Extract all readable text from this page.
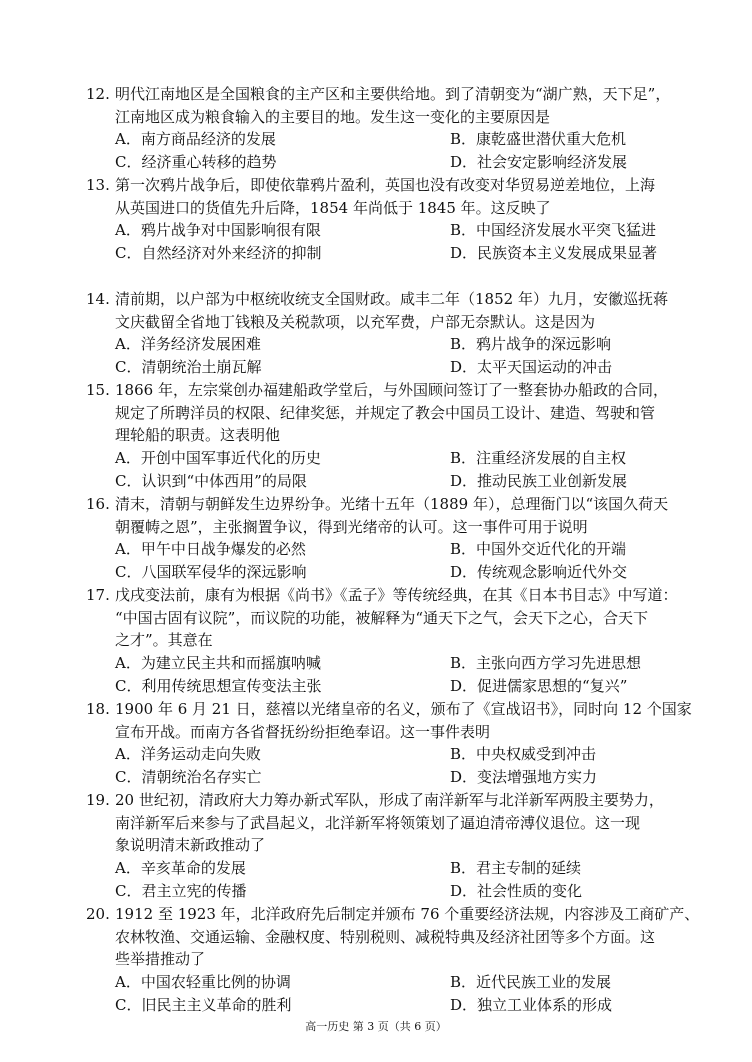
12. 明代江南地区是全国粮食的主产区和主要供给地。到了清朝变为“湖广熟，天下足”，
江南地区成为粮食输入的主要目的地。发生这一变化的主要原因是
A．南方商品经济的发展	B．康乾盛世潜伏重大危机
C．经济重心转移的趋势	D．社会安定影响经济发展
13. 第一次鸦片战争后，即使依靠鸦片盈利，英国也没有改变对华贸易逆差地位，上海
从英国进口的货值先升后降，1854 年尚低于 1845 年。这反映了
A．鸦片战争对中国影响很有限	B．中国经济发展水平突飞猛进
C．自然经济对外来经济的抑制	D．民族资本主义发展成果显著
14. 清前期，以户部为中枢统收统支全国财政。咸丰二年（1852 年）九月，安徽巡抚蒋
文庆截留全省地丁钱粮及关税款项，以充军费，户部无奈默认。这是因为
A．洋务经济发展困难	B．鸦片战争的深远影响
C．清朝统治土崩瓦解	D．太平天国运动的冲击
15. 1866 年，左宗棠创办福建船政学堂后，与外国顾问签订了一整套协办船政的合同，
规定了所聘洋员的权限、纪律奖惩，并规定了教会中国员工设计、建造、驾驶和管
理轮船的职责。这表明他
A．开创中国军事近代化的历史	B．注重经济发展的自主权
C．认识到“中体西用”的局限	D．推动民族工业创新发展
16. 清末，清朝与朝鲜发生边界纷争。光绪十五年（1889 年），总理衙门以“该国久荷天
朝覆帱之恩”，主张搁置争议，得到光绪帝的认可。这一事件可用于说明
A．甲午中日战争爆发的必然	B．中国外交近代化的开端
C．八国联军侵华的深远影响	D．传统观念影响近代外交
17. 戊戌变法前，康有为根据《尚书》《孟子》等传统经典，在其《日本书目志》中写道：
“中国古固有议院”，而议院的功能，被解释为“通天下之气，会天下之心，合天下
之才”。其意在
A．为建立民主共和而摇旗呐喊	B．主张向西方学习先进思想
C．利用传统思想宣传变法主张	D．促进儒家思想的“复兴”
18. 1900 年 6 月 21 日，慈禧以光绪皇帝的名义，颁布了《宣战诏书》，同时向 12 个国家
宣布开战。而南方各省督抚纷纷拒绝奉诏。这一事件表明
A．洋务运动走向失败	B．中央权威受到冲击
C．清朝统治名存实亡	D．变法增强地方实力
19. 20 世纪初，清政府大力筹办新式军队，形成了南洋新军与北洋新军两股主要势力，
南洋新军后来参与了武昌起义，北洋新军将领策划了逼迫清帝溥仪退位。这一现
象说明清末新政推动了
A．辛亥革命的发展	B．君主专制的延续
C．君主立宪的传播	D．社会性质的变化
20. 1912 至 1923 年，北洋政府先后制定并颁布 76 个重要经济法规，内容涉及工商矿产、
农林牧渔、交通运输、金融权度、特别税则、减税特典及经济社团等多个方面。这
些举措推动了
A．中国农轻重比例的协调	B．近代民族工业的发展
C．旧民主主义革命的胜利	D．独立工业体系的形成
高一历史 第 3 页（共 6 页）
